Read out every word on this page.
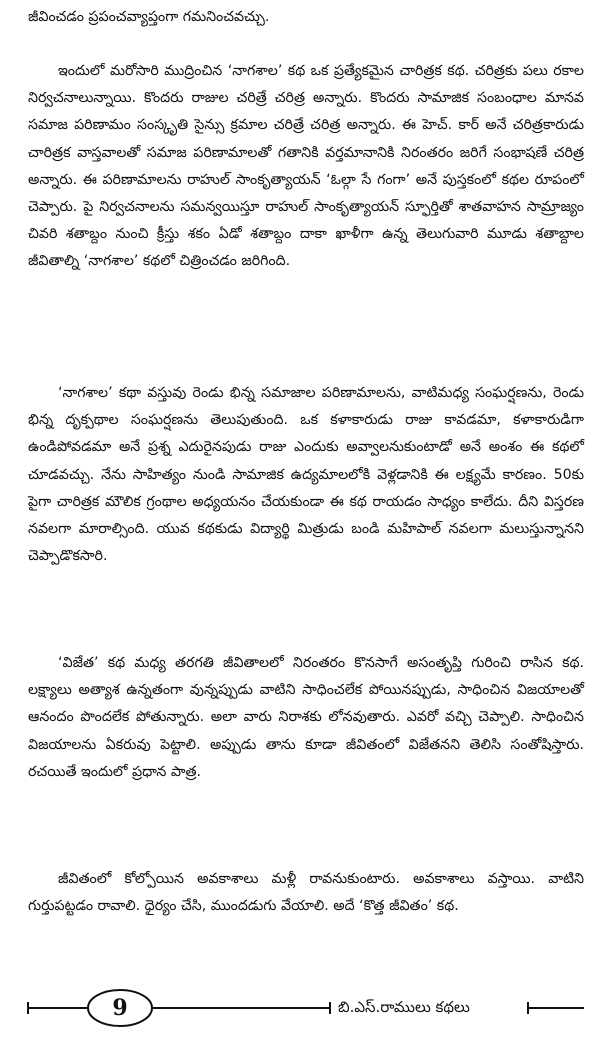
జీవించడం ప్రపంచవ్యాప్తంగా గమనించవచ్చు.

ఇందులో మరోసారి ముద్రించిన ‘నాగశాల’ కథ ఒక ప్రత్యేకమైన చారిత్రక కథ. చరిత్రకు పలు రకాల నిర్వచనాలున్నాయి. కొందరు రాజుల చరిత్రే చరిత్ర అన్నారు. కొందరు సామాజిక సంబంధాల మానవ సమాజ పరిణామం సంస్కృతి సైన్సు క్రమాల చరిత్రే చరిత్ర అన్నారు. ఈ హెచ్. కార్ అనే చరిత్రకారుడు చారిత్రక వాస్తవాలతో సమాజ పరిణామాలతో గతానికి వర్తమానానికి నిరంతరం జరిగే సంభాషణే చరిత్ర అన్నారు. ఈ పరిణామాలను రాహుల్ సాంకృత్యాయన్ ‘ఓల్గా సే గంగా’ అనే పుస్తకంలో కథల రూపంలో చెప్పారు. పై నిర్వచనాలను సమన్వయిస్తూ రాహుల్ సాంకృత్యాయన్ స్ఫూర్తితో శాతవాహన సామ్రాజ్యం చివరి శతాబ్దం నుంచి క్రీస్తు శకం ఏడో శతాబ్దం దాకా ఖాళీగా ఉన్న తెలుగువారి మూడు శతాబ్దాల జీవితాల్ని ‘నాగశాల’ కథలో చిత్రించడం జరిగింది.

‘నాగశాల’ కథా వస్తువు రెండు భిన్న సమాజాల పరిణామాలను, వాటిమధ్య సంఘర్షణను, రెండు భిన్న దృక్పథాల సంఘర్షణను తెలుపుతుంది. ఒక కళాకారుడు రాజు కావడమా, కళాకారుడిగా ఉండిపోవడమా అనే ప్రశ్న ఎదురైనపుడు రాజు ఎందుకు అవ్వాలనుకుంటాడో అనే అంశం ఈ కథలో చూడవచ్చు. నేను సాహిత్యం నుండి సామాజిక ఉద్యమాలలోకి వెళ్లడానికి ఈ లక్ష్యమే కారణం. 50కు పైగా చారిత్రక మౌలిక గ్రంథాల అధ్యయనం చేయకుండా ఈ కథ రాయడం సాధ్యం కాలేదు. దీని విస్తరణ నవలగా మారాల్సింది. యువ కథకుడు విద్యార్థి మిత్రుడు బండి మహిపాల్ నవలగా మలుస్తున్నానని చెప్పాడొకసారి.

‘విజేత’ కథ మధ్య తరగతి జీవితాలలో నిరంతరం కొనసాగే అసంతృప్తి గురించి రాసిన కథ. లక్ష్యాలు అత్యాశ ఉన్నతంగా వున్నప్పుడు వాటిని సాధించలేక పోయినప్పుడు, సాధించిన విజయాలతో ఆనందం పొందలేక పోతున్నారు. అలా వారు నిరాశకు లోనవుతారు. ఎవరో వచ్చి చెప్పాలి. సాధించిన విజయాలను ఏకరువు పెట్టాలి. అప్పుడు తాను కూడా జీవితంలో విజేతనని తెలిసి సంతోషిస్తారు. రచయితే ఇందులో ప్రధాన పాత్ర.

జీవితంలో కోల్పోయిన అవకాశాలు మళ్లీ రావనుకుంటారు. అవకాశాలు వస్తాయి. వాటిని గుర్తుపట్టడం రావాలి. ధైర్యం చేసి, ముందడుగు వేయాలి. అదే ‘కొత్త జీవితం’ కథ.

9	బి.ఎస్.రాములు కథలు
